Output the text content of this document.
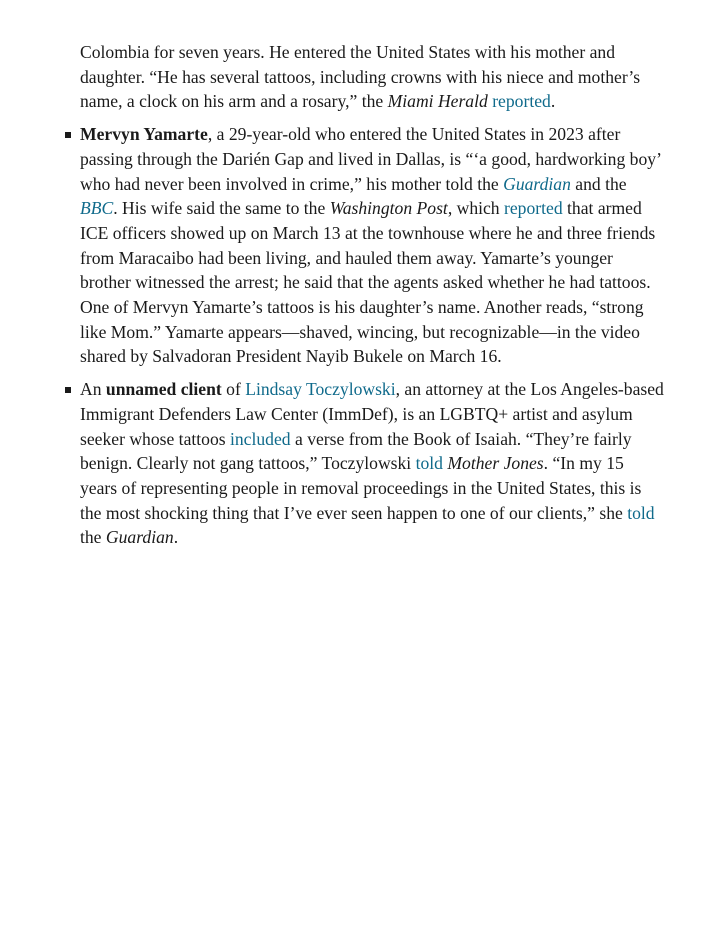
Colombia for seven years. He entered the United States with his mother and daughter. “He has several tattoos, including crowns with his niece and mother’s name, a clock on his arm and a rosary,” the Miami Herald reported.

Mervyn Yamarte, a 29-year-old who entered the United States in 2023 after passing through the Darién Gap and lived in Dallas, is “‘a good, hardworking boy’ who had never been involved in crime,” his mother told the Guardian and the BBC. His wife said the same to the Washington Post, which reported that armed ICE officers showed up on March 13 at the townhouse where he and three friends from Maracaibo had been living, and hauled them away. Yamarte’s younger brother witnessed the arrest; he said that the agents asked whether he had tattoos. One of Mervyn Yamarte’s tattoos is his daughter’s name. Another reads, “strong like Mom.” Yamarte appears—shaved, wincing, but recognizable—in the video shared by Salvadoran President Nayib Bukele on March 16.
An unnamed client of Lindsay Toczylowski, an attorney at the Los Angeles-based Immigrant Defenders Law Center (ImmDef), is an LGBTQ+ artist and asylum seeker whose tattoos included a verse from the Book of Isaiah. “They’re fairly benign. Clearly not gang tattoos,” Toczylowski told Mother Jones. “In my 15 years of representing people in removal proceedings in the United States, this is the most shocking thing that I’ve ever seen happen to one of our clients,” she told the Guardian.
